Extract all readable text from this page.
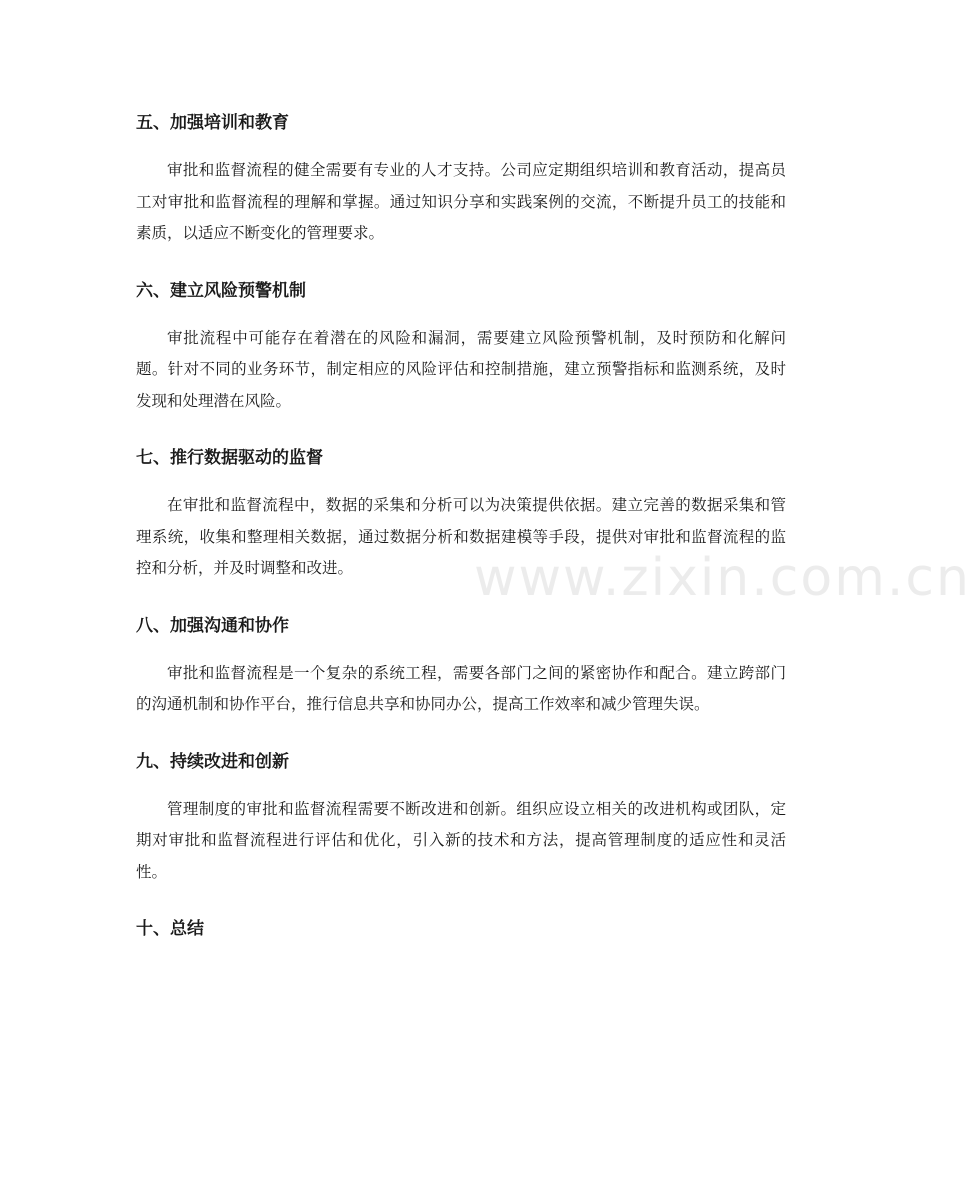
五、加强培训和教育

审批和监督流程的健全需要有专业的人才支持。公司应定期组织培训和教育活动，提高员工对审批和监督流程的理解和掌握。通过知识分享和实践案例的交流，不断提升员工的技能和素质，以适应不断变化的管理要求。

六、建立风险预警机制

审批流程中可能存在着潜在的风险和漏洞，需要建立风险预警机制，及时预防和化解问题。针对不同的业务环节，制定相应的风险评估和控制措施，建立预警指标和监测系统，及时发现和处理潜在风险。

七、推行数据驱动的监督

在审批和监督流程中，数据的采集和分析可以为决策提供依据。建立完善的数据采集和管理系统，收集和整理相关数据，通过数据分析和数据建模等手段，提供对审批和监督流程的监控和分析，并及时调整和改进。

八、加强沟通和协作

审批和监督流程是一个复杂的系统工程，需要各部门之间的紧密协作和配合。建立跨部门的沟通机制和协作平台，推行信息共享和协同办公，提高工作效率和减少管理失误。

九、持续改进和创新

管理制度的审批和监督流程需要不断改进和创新。组织应设立相关的改进机构或团队，定期对审批和监督流程进行评估和优化，引入新的技术和方法，提高管理制度的适应性和灵活性。

十、总结
www.zixin.com.cn
